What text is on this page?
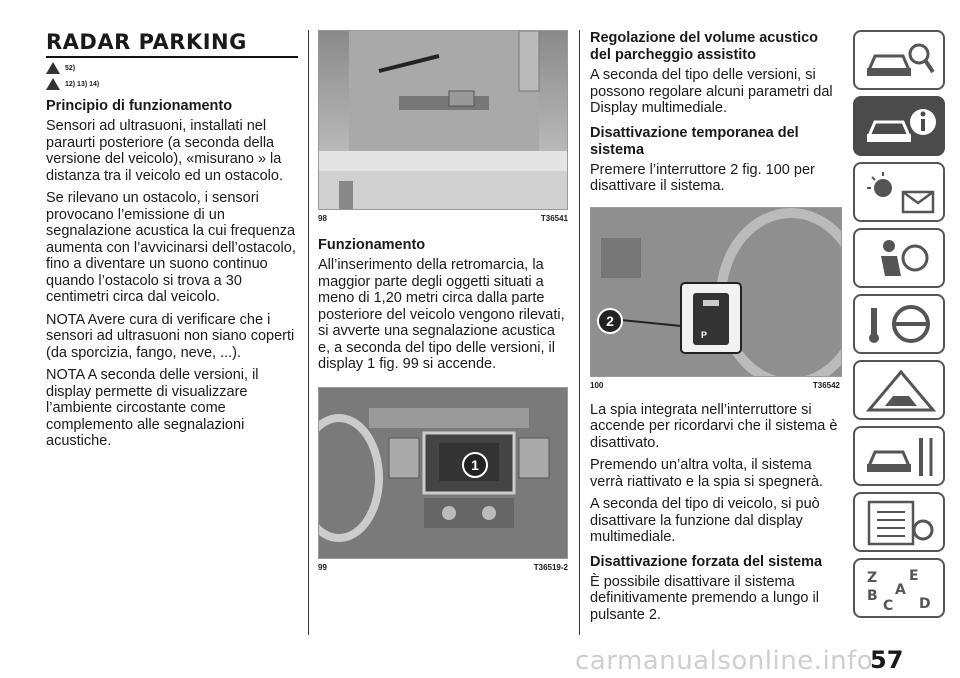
RADAR PARKING
52)
12) 13) 14)
Principio di funzionamento

Sensori ad ultrasuoni, installati nel paraurti posteriore (a seconda della versione del veicolo), «misurano » la distanza tra il veicolo ed un ostacolo.

Se rilevano un ostacolo, i sensori provocano l’emissione di un segnalazione acustica la cui frequenza aumenta con l’avvicinarsi dell’ostacolo, fino a diventare un suono continuo quando l’ostacolo si trova a 30 centimetri circa dal veicolo.

NOTA Avere cura di verificare che i sensori ad ultrasuoni non siano coperti (da sporcizia, fango, neve, ...).

NOTA A seconda delle versioni, il display permette di visualizzare l’ambiente circostante come complemento alle segnalazioni acustiche.

98	T36541
Funzionamento

All’inserimento della retromarcia, la maggior parte degli oggetti situati a meno di 1,20 metri circa dalla parte posteriore del veicolo vengono rilevati, si avverte una segnalazione acustica e, a seconda del tipo delle versioni, il display 1 fig. 99 si accende.

1
99	T36519-2
Regolazione del volume acustico del parcheggio assistito

A seconda del tipo delle versioni, si possono regolare alcuni parametri dal Display multimediale.

Disattivazione temporanea del sistema

Premere l’interruttore 2 fig. 100 per disattivare il sistema.

2
P
100	T36542

La spia integrata nell’interruttore si accende per ricordarvi che il sistema è disattivato.

Premendo un’altra volta, il sistema verrà riattivato e la spia si spegnerà.

A seconda del tipo di veicolo, si può disattivare la funzione dal display multimediale.

Disattivazione forzata del sistema

È possibile disattivare il sistema definitivamente premendo a lungo il pulsante 2.

Z E
A
B
C D
carmanualsonline.info
57
